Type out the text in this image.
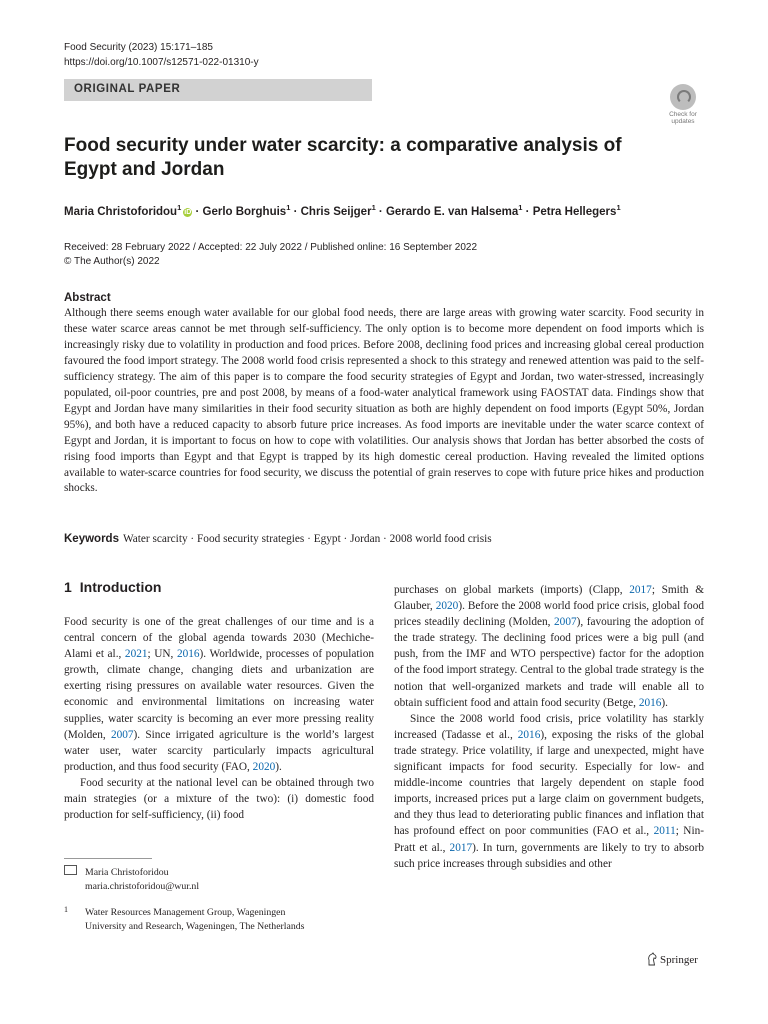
Food Security (2023) 15:171–185
https://doi.org/10.1007/s12571-022-01310-y
ORIGINAL PAPER
Check for
updates
Food security under water scarcity: a comparative analysis of Egypt and Jordan
Maria Christoforidou$^1$iD · Gerlo Borghuis$^1$ · Chris Seijger$^1$ · Gerardo E. van Halsema$^1$ · Petra Hellegers$^1$
Received: 28 February 2022 / Accepted: 22 July 2022 / Published online: 16 September 2022
© The Author(s) 2022
Abstract
Although there seems enough water available for our global food needs, there are large areas with growing water scarcity. Food security in these water scarce areas cannot be met through self-sufficiency. The only option is to become more dependent on food imports which is increasingly risky due to volatility in production and food prices. Before 2008, declining food prices and increasing global cereal production favoured the food import strategy. The 2008 world food crisis represented a shock to this strategy and renewed attention was paid to the self-sufficiency strategy. The aim of this paper is to compare the food security strategies of Egypt and Jordan, two water-stressed, increasingly populated, oil-poor countries, pre and post 2008, by means of a food-water analytical framework using FAOSTAT data. Findings show that Egypt and Jordan have many similarities in their food security situation as both are highly dependent on food imports (Egypt 50%, Jordan 95%), and both have a reduced capacity to absorb future price increases. As food imports are inevitable under the water scarce context of Egypt and Jordan, it is important to focus on how to cope with volatilities. Our analysis shows that Jordan has better absorbed the costs of rising food imports than Egypt and that Egypt is trapped by its high domestic cereal production. Having revealed the limited options available to water-scarce countries for food security, we discuss the potential of grain reserves to cope with future price hikes and production shocks.
Keywords Water scarcity · Food security strategies · Egypt · Jordan · 2008 world food crisis
1 Introduction

Food security is one of the great challenges of our time and is a central concern of the global agenda towards 2030 (Mechiche-Alami et al., 2021; UN, 2016). Worldwide, processes of population growth, climate change, changing diets and urbanization are exerting rising pressures on available water resources. Given the economic and environmental limitations on increasing water supplies, water scarcity is becoming an ever more pressing reality (Molden, 2007). Since irrigated agriculture is the world’s largest water user, water scarcity particularly impacts agricultural production, and thus food security (FAO, 2020).

Food security at the national level can be obtained through two main strategies (or a mixture of the two): (i) domestic food production for self-sufficiency, (ii) food

purchases on global markets (imports) (Clapp, 2017; Smith & Glauber, 2020). Before the 2008 world food price crisis, global food prices steadily declining (Molden, 2007), favouring the adoption of the trade strategy. The declining food prices were a big pull (and push, from the IMF and WTO perspective) factor for the adoption of the food import strategy. Central to the global trade strategy is the notion that well-organized markets and trade will enable all to obtain sufficient food and attain food security (Betge, 2016).

Since the 2008 world food crisis, price volatility has starkly increased (Tadasse et al., 2016), exposing the risks of the global trade strategy. Price volatility, if large and unexpected, might have significant impacts for food security. Especially for low- and middle-income countries that largely dependent on staple food imports, increased prices put a large claim on government budgets, and they thus lead to deteriorating public finances and inflation that has profound effect on poor communities (FAO et al., 2011; Nin-Pratt et al., 2017). In turn, governments are likely to try to absorb such price increases through subsidies and other

Maria Christoforidou
maria.christoforidou@wur.nl
1 Water Resources Management Group, Wageningen
University and Research, Wageningen, The Netherlands
Springer
